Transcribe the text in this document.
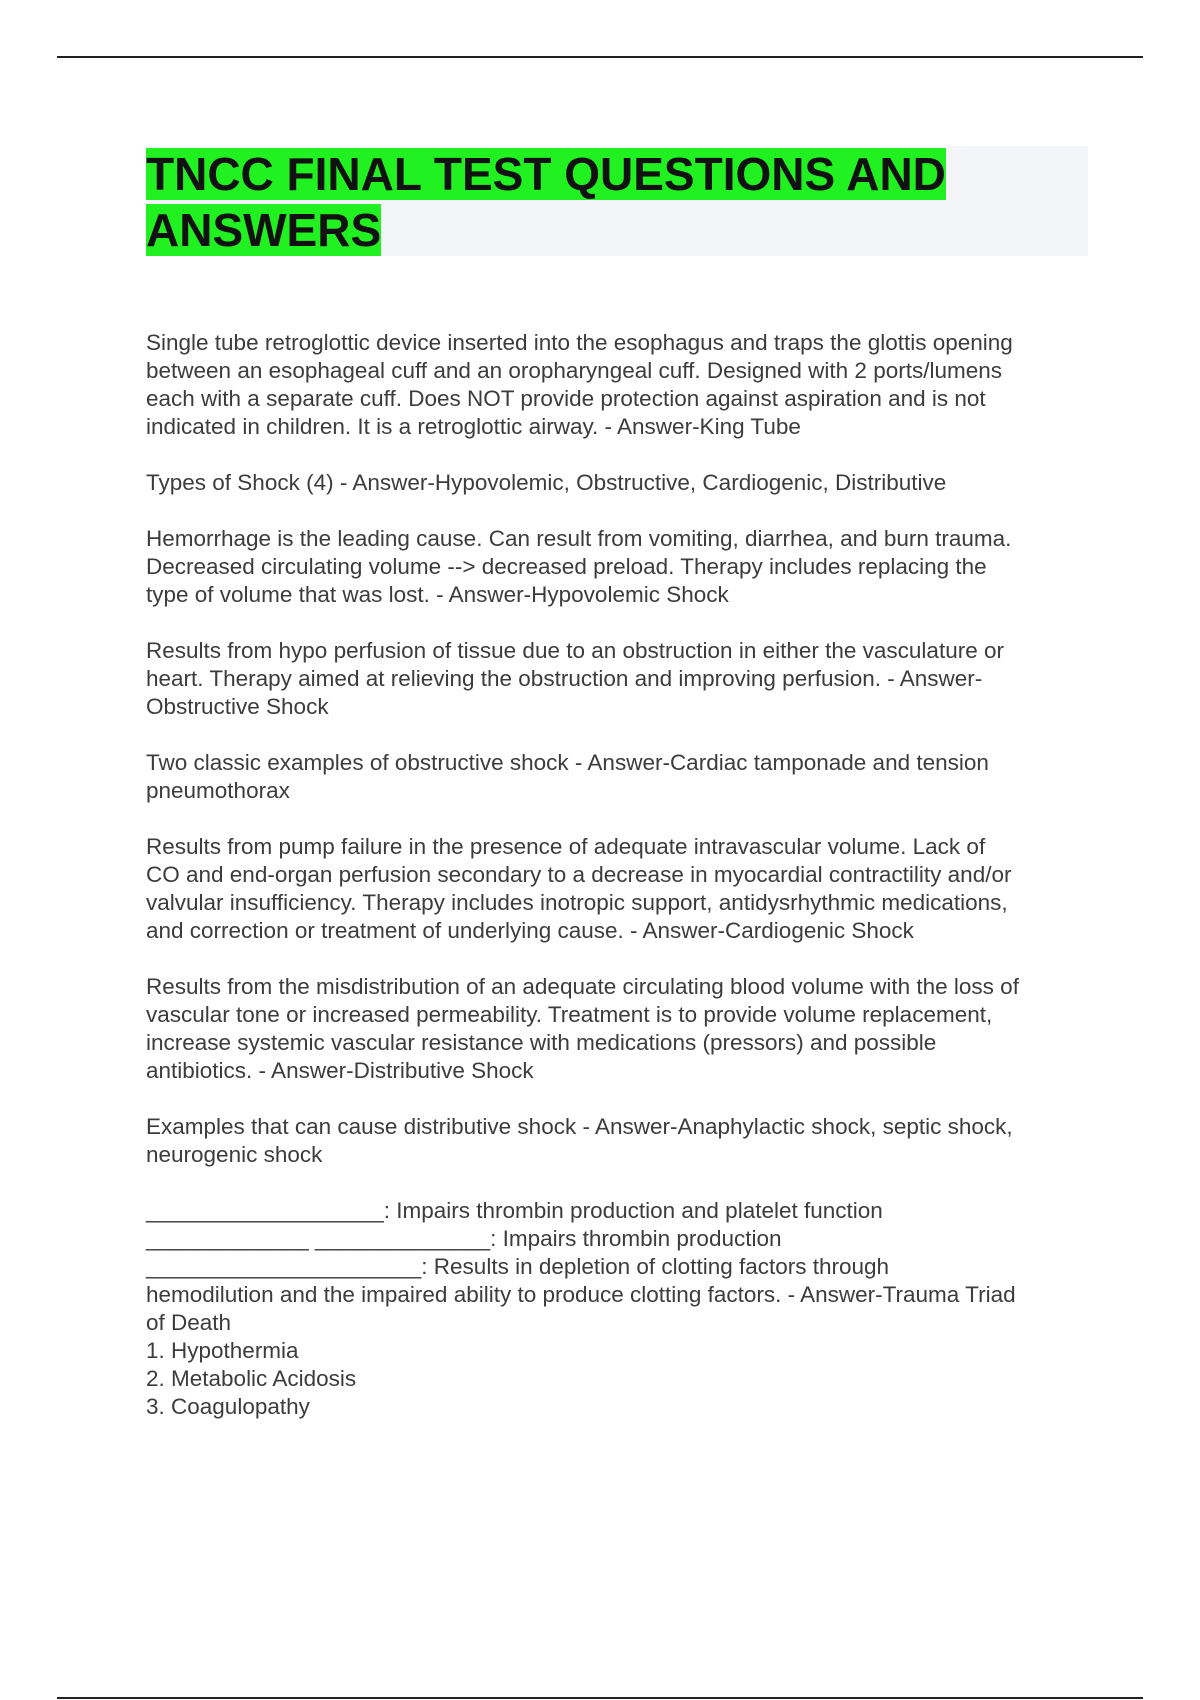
TNCC FINAL TEST QUESTIONS AND
ANSWERS

Single tube retroglottic device inserted into the esophagus and traps the glottis opening
between an esophageal cuff and an oropharyngeal cuff. Designed with 2 ports/lumens
each with a separate cuff. Does NOT provide protection against aspiration and is not
indicated in children. It is a retroglottic airway. - Answer-King Tube

Types of Shock (4) - Answer-Hypovolemic, Obstructive, Cardiogenic, Distributive

Hemorrhage is the leading cause. Can result from vomiting, diarrhea, and burn trauma.
Decreased circulating volume --> decreased preload. Therapy includes replacing the
type of volume that was lost. - Answer-Hypovolemic Shock

Results from hypo perfusion of tissue due to an obstruction in either the vasculature or
heart. Therapy aimed at relieving the obstruction and improving perfusion. - Answer-
Obstructive Shock

Two classic examples of obstructive shock - Answer-Cardiac tamponade and tension
pneumothorax

Results from pump failure in the presence of adequate intravascular volume. Lack of
CO and end-organ perfusion secondary to a decrease in myocardial contractility and/or
valvular insufficiency. Therapy includes inotropic support, antidysrhythmic medications,
and correction or treatment of underlying cause. - Answer-Cardiogenic Shock

Results from the misdistribution of an adequate circulating blood volume with the loss of
vascular tone or increased permeability. Treatment is to provide volume replacement,
increase systemic vascular resistance with medications (pressors) and possible
antibiotics. - Answer-Distributive Shock

Examples that can cause distributive shock - Answer-Anaphylactic shock, septic shock,
neurogenic shock

___________________: Impairs thrombin production and platelet function
_____________ ______________: Impairs thrombin production
______________________: Results in depletion of clotting factors through
hemodilution and the impaired ability to produce clotting factors. - Answer-Trauma Triad
of Death
1. Hypothermia
2. Metabolic Acidosis
3. Coagulopathy
